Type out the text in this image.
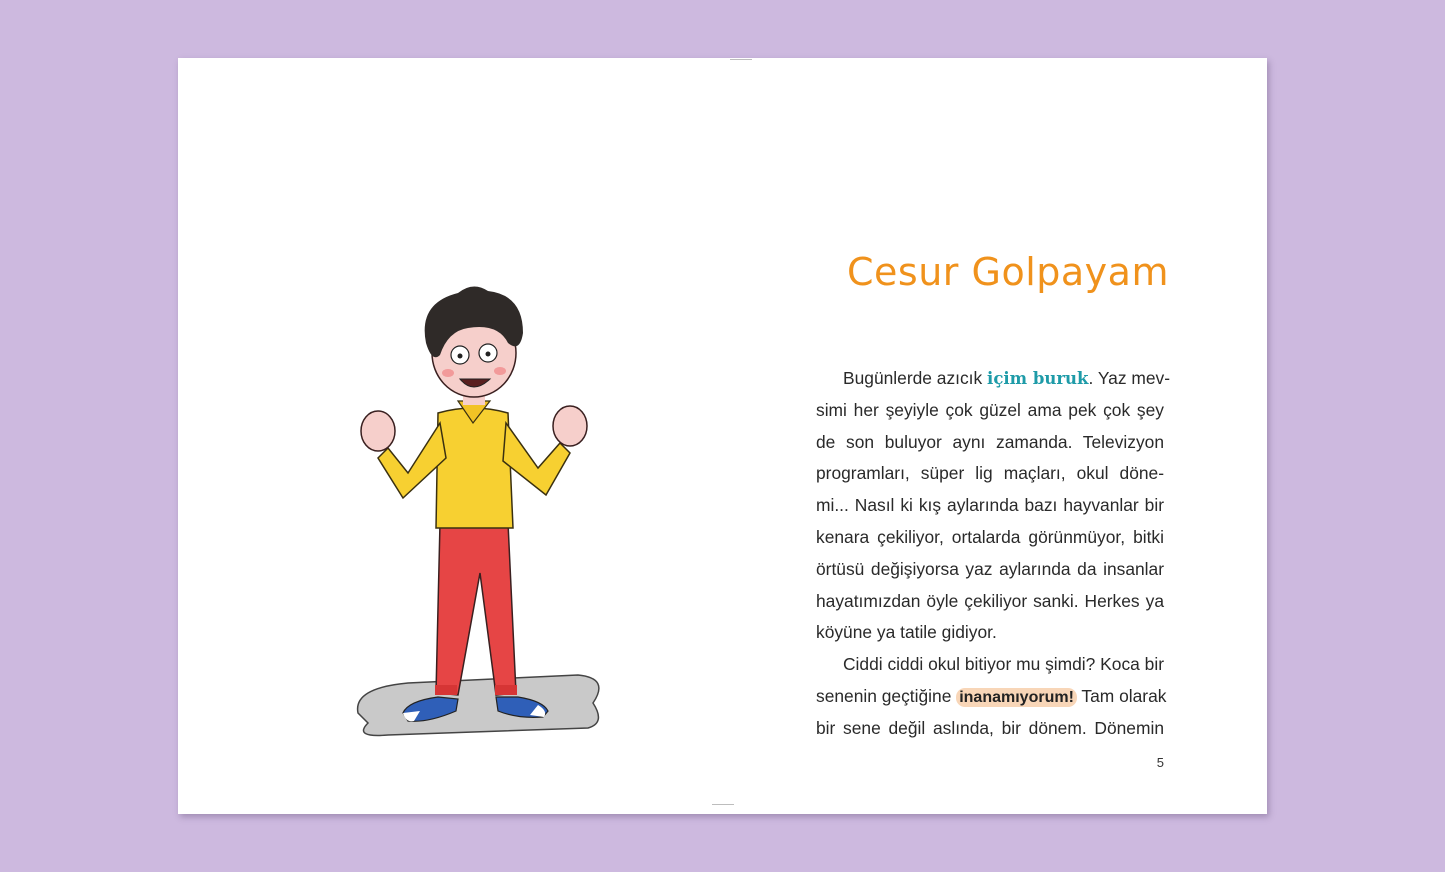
Cesur Golpayam
Bugünlerde azıcık içim buruk. Yaz mev-
simi her şeyiyle çok güzel ama pek çok şey
de son buluyor aynı zamanda. Televizyon
programları, süper lig maçları, okul döne-
mi... Nasıl ki kış aylarında bazı hayvanlar bir
kenara çekiliyor, ortalarda görünmüyor, bitki
örtüsü değişiyorsa yaz aylarında da insanlar
hayatımızdan öyle çekiliyor sanki. Herkes ya
köyüne ya tatile gidiyor.
Ciddi ciddi okul bitiyor mu şimdi? Koca bir
senenin geçtiğine inanamıyorum! Tam olarak
bir sene değil aslında, bir dönem. Dönemin
5
